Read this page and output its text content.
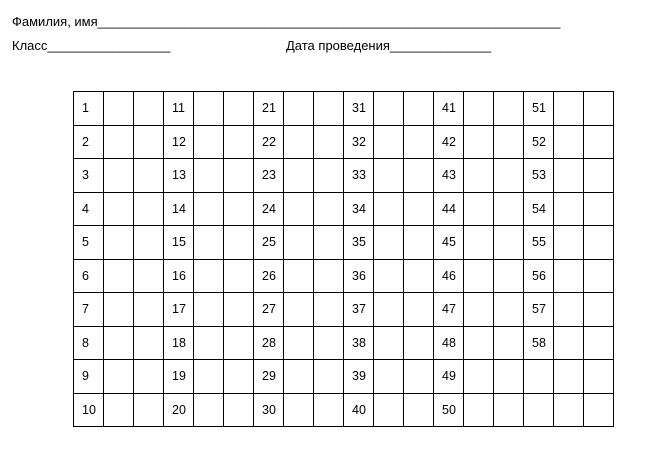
Фамилия, имя________________________________________________________________
Класс_________________	Дата проведения______________
1			11			21			31			41			51		
2			12			22			32			42			52		
3			13			23			33			43			53		
4			14			24			34			44			54		
5			15			25			35			45			55		
6			16			26			36			46			56		
7			17			27			37			47			57		
8			18			28			38			48			58		
9			19			29			39			49					
10			20			30			40			50					
